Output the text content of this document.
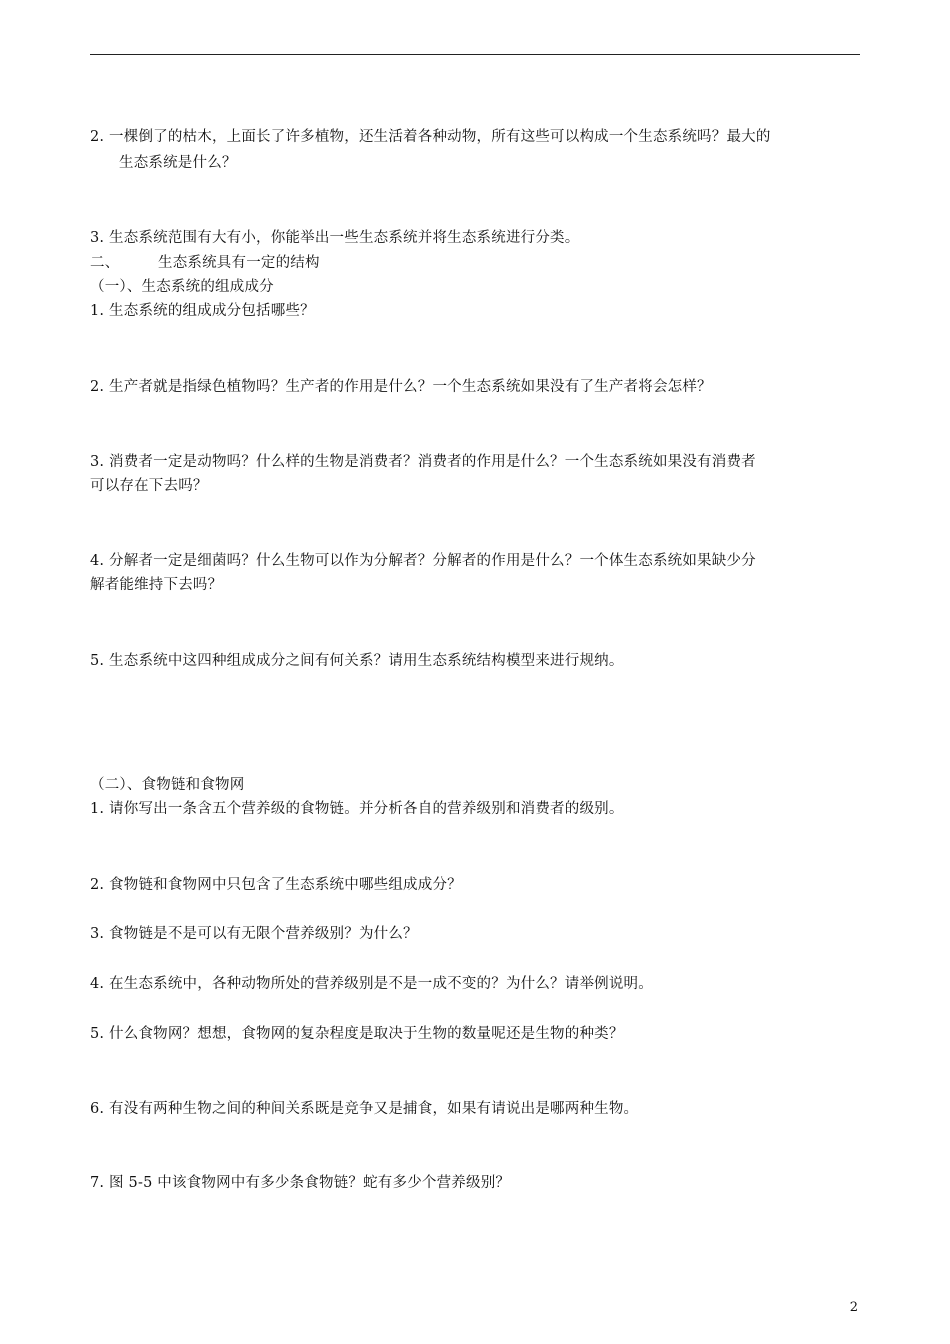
2. 一棵倒了的枯木，上面长了许多植物，还生活着各种动物，所有这些可以构成一个生态系统吗？最大的
生态系统是什么？
3. 生态系统范围有大有小，你能举出一些生态系统并将生态系统进行分类。
二、	生态系统具有一定的结构
（一）、生态系统的组成成分
1. 生态系统的组成成分包括哪些？
2. 生产者就是指绿色植物吗？生产者的作用是什么？一个生态系统如果没有了生产者将会怎样？
3. 消费者一定是动物吗？什么样的生物是消费者？消费者的作用是什么？一个生态系统如果没有消费者
可以存在下去吗？
4. 分解者一定是细菌吗？什么生物可以作为分解者？分解者的作用是什么？一个体生态系统如果缺少分
解者能维持下去吗？
5. 生态系统中这四种组成成分之间有何关系？请用生态系统结构模型来进行规纳。
（二）、食物链和食物网
1. 请你写出一条含五个营养级的食物链。并分析各自的营养级别和消费者的级别。
2. 食物链和食物网中只包含了生态系统中哪些组成成分？
3. 食物链是不是可以有无限个营养级别？为什么？
4. 在生态系统中，各种动物所处的营养级别是不是一成不变的？为什么？请举例说明。
5. 什么食物网？想想，食物网的复杂程度是取决于生物的数量呢还是生物的种类？
6. 有没有两种生物之间的种间关系既是竞争又是捕食，如果有请说出是哪两种生物。
7. 图 5-5 中该食物网中有多少条食物链？蛇有多少个营养级别？
2
